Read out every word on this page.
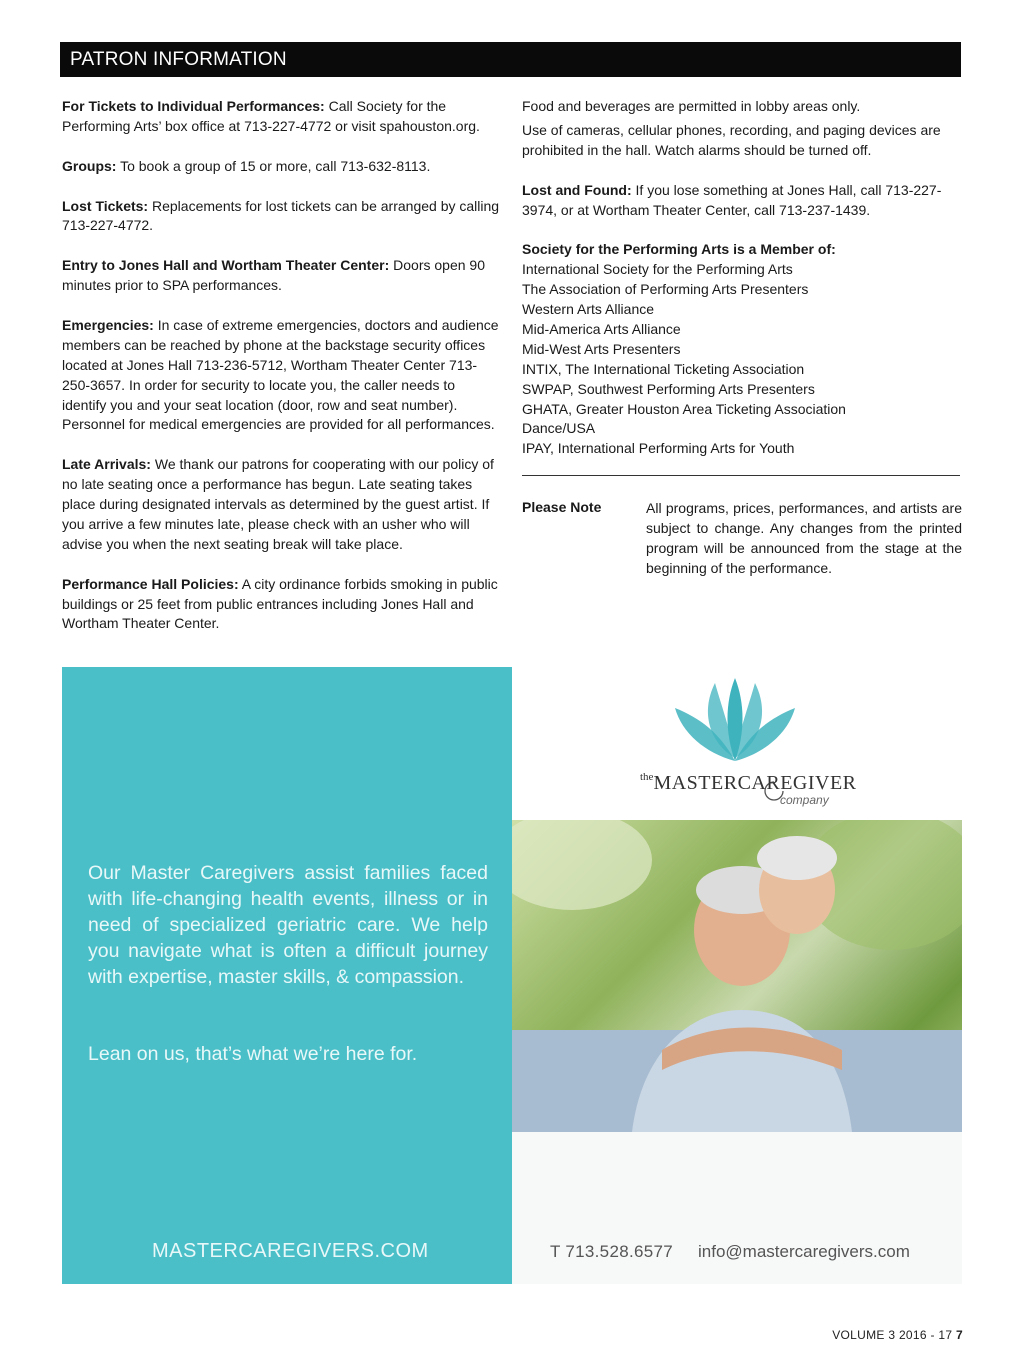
PATRON INFORMATION

For Tickets to Individual Performances: Call Society for the Performing Arts’ box office at 713-227-4772 or visit spahouston.org.

Groups: To book a group of 15 or more, call 713-632-8113.

Lost Tickets: Replacements for lost tickets can be arranged by calling 713-227-4772.

Entry to Jones Hall and Wortham Theater Center: Doors open 90 minutes prior to SPA performances.

Emergencies: In case of extreme emergencies, doctors and audience members can be reached by phone at the backstage security offices located at Jones Hall 713-236-5712, Wortham Theater Center 713-250-3657. In order for security to locate you, the caller needs to identify you and your seat location (door, row and seat number). Personnel for medical emergencies are provided for all performances.

Late Arrivals: We thank our patrons for cooperating with our policy of no late seating once a performance has begun. Late seating takes place during designated intervals as determined by the guest artist. If you arrive a few minutes late, please check with an usher who will advise you when the next seating break will take place.

Performance Hall Policies: A city ordinance forbids smoking in public buildings or 25 feet from public entrances including Jones Hall and Wortham Theater Center.

Food and beverages are permitted in lobby areas only.

Use of cameras, cellular phones, recording, and paging devices are prohibited in the hall. Watch alarms should be turned off.

Lost and Found: If you lose something at Jones Hall, call 713-227-3974, or at Wortham Theater Center, call 713-237-1439.

Society for the Performing Arts is a Member of:
International Society for the Performing Arts
The Association of Performing Arts Presenters
Western Arts Alliance
Mid-America Arts Alliance
Mid-West Arts Presenters
INTIX, The International Ticketing Association
SWPAP, Southwest Performing Arts Presenters
GHATA, Greater Houston Area Ticketing Association
Dance/USA
IPAY, International Performing Arts for Youth
Please Note	All programs, prices, performances, and artists are subject to change. Any changes from the printed program will be announced from the stage at the beginning of the performance.
$^{the}$MASTERCAREGIVER
company
Our Master Caregivers assist families faced with life-changing health events, illness or in need of specialized geriatric care. We help you navigate what is often a difficult journey with expertise, master skills, & compassion.
Lean on us, that’s what we’re here for.
MASTERCAREGIVERS.COM	T 713.528.6577 info@mastercaregivers.com
VOLUME 3 2016 - 17 7
